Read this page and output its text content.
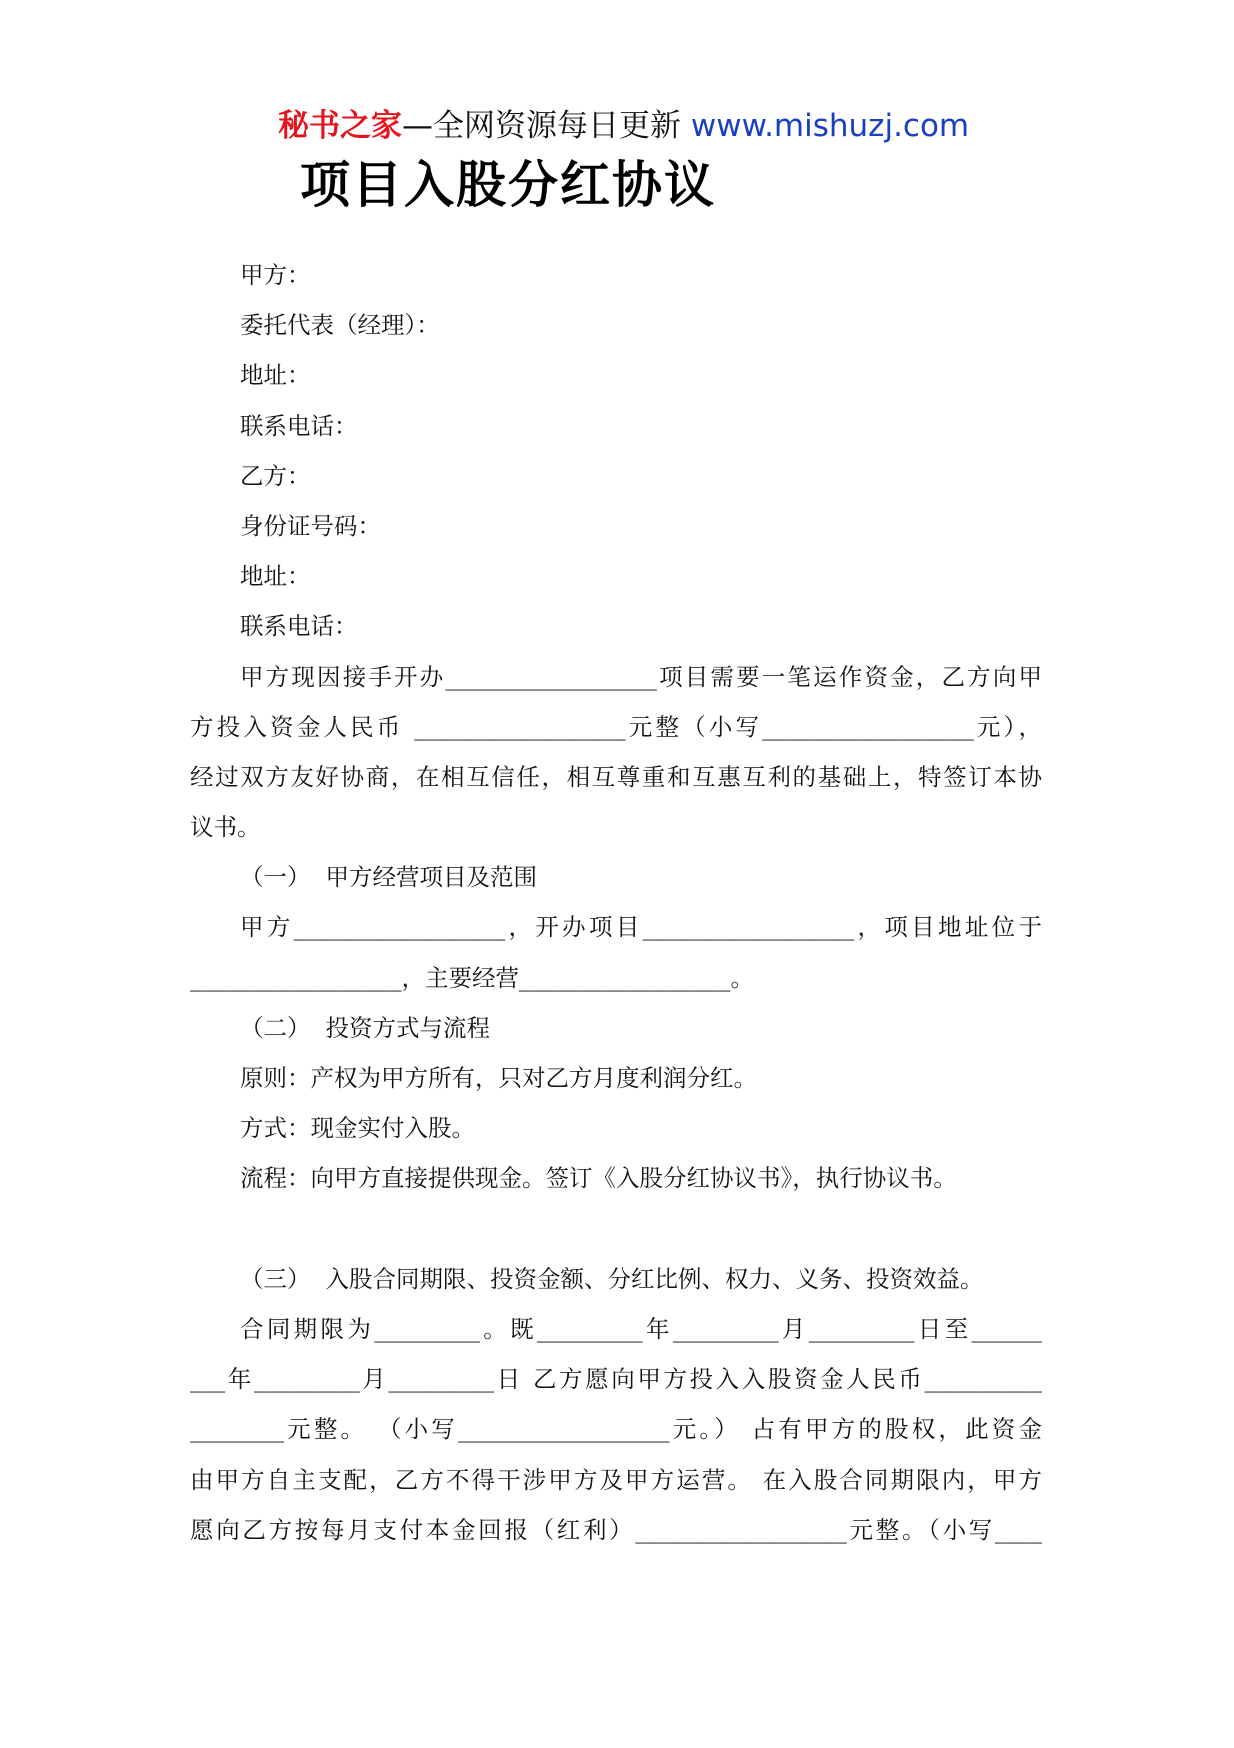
秘书之家—全网资源每日更新 www.mishuzj.com
项目入股分红协议
甲方：
委托代表（经理）：
地址：
联系电话：
乙方：
身份证号码：
地址：
联系电话：
甲方现因接手开办__________________项目需要一笔运作资金，乙方向甲
方投入资金人民币 __________________元整（小写__________________元），
经过双方友好协商，在相互信任，相互尊重和互惠互利的基础上，特签订本协
议书。
（一）  甲方经营项目及范围
甲方__________________，开办项目__________________，项目地址位于
__________________，主要经营__________________。
（二）  投资方式与流程
原则：产权为甲方所有，只对乙方月度利润分红。
方式：现金实付入股。
流程：向甲方直接提供现金。签订《入股分红协议书》，执行协议书。
（三）  入股合同期限、投资金额、分红比例、权力、义务、投资效益。
合同期限为_________。既_________年_________月_________日至______
___年_________月_________日 乙方愿向甲方投入入股资金人民币__________
________元整。 （小写__________________元。） 占有甲方的股权，此资金
由甲方自主支配，乙方不得干涉甲方及甲方运营。 在入股合同期限内，甲方
愿向乙方按每月支付本金回报（红利）__________________元整。（小写____
